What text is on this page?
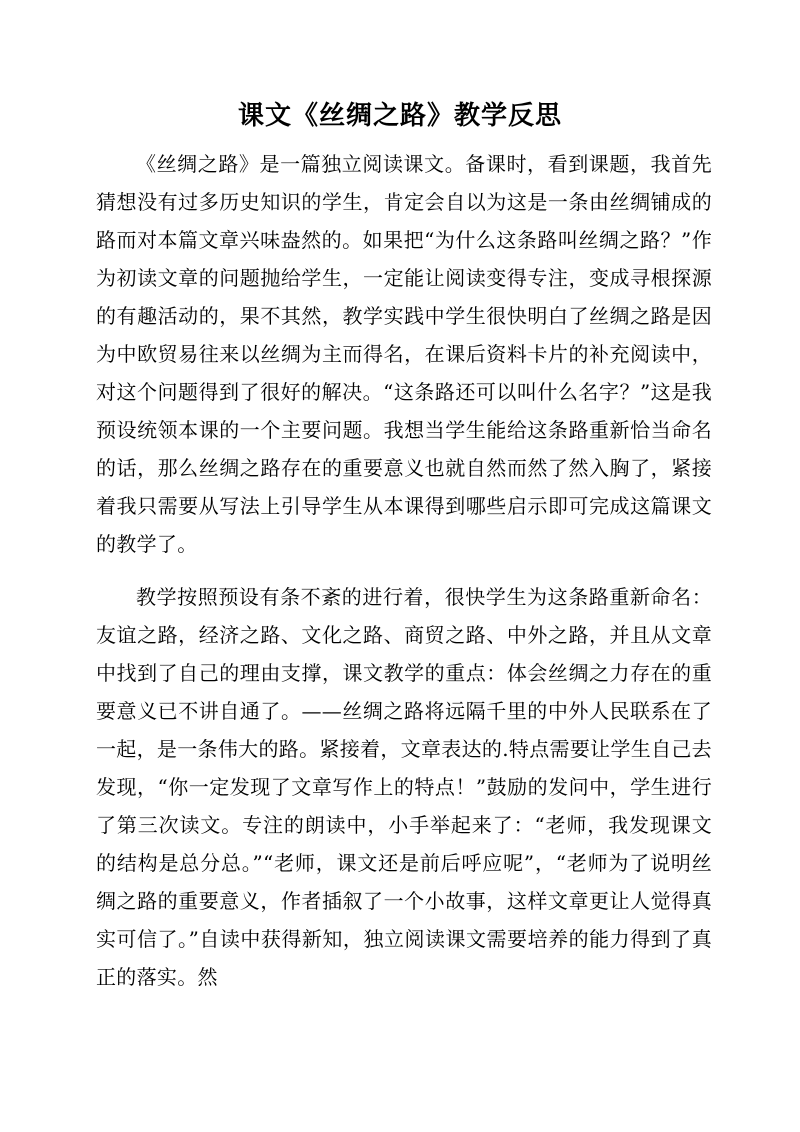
课文《丝绸之路》教学反思

《丝绸之路》是一篇独立阅读课文。备课时，看到课题，我首先猜想没有过多历史知识的学生，肯定会自以为这是一条由丝绸铺成的路而对本篇文章兴味盎然的。如果把“为什么这条路叫丝绸之路？”作为初读文章的问题抛给学生，一定能让阅读变得专注，变成寻根探源的有趣活动的，果不其然，教学实践中学生很快明白了丝绸之路是因为中欧贸易往来以丝绸为主而得名，在课后资料卡片的补充阅读中，对这个问题得到了很好的解决。“这条路还可以叫什么名字？”这是我预设统领本课的一个主要问题。我想当学生能给这条路重新恰当命名的话，那么丝绸之路存在的重要意义也就自然而然了然入胸了，紧接着我只需要从写法上引导学生从本课得到哪些启示即可完成这篇课文的教学了。

教学按照预设有条不紊的进行着，很快学生为这条路重新命名：友谊之路，经济之路、文化之路、商贸之路、中外之路，并且从文章中找到了自己的理由支撑，课文教学的重点：体会丝绸之力存在的重要意义已不讲自通了。——丝绸之路将远隔千里的中外人民联系在了一起，是一条伟大的路。紧接着，文章表达的.特点需要让学生自己去发现，“你一定发现了文章写作上的特点！”鼓励的发问中，学生进行了第三次读文。专注的朗读中，小手举起来了：“老师，我发现课文的结构是总分总。”“老师，课文还是前后呼应呢”，“老师为了说明丝绸之路的重要意义，作者插叙了一个小故事，这样文章更让人觉得真实可信了。”自读中获得新知，独立阅读课文需要培养的能力得到了真正的落实。然
